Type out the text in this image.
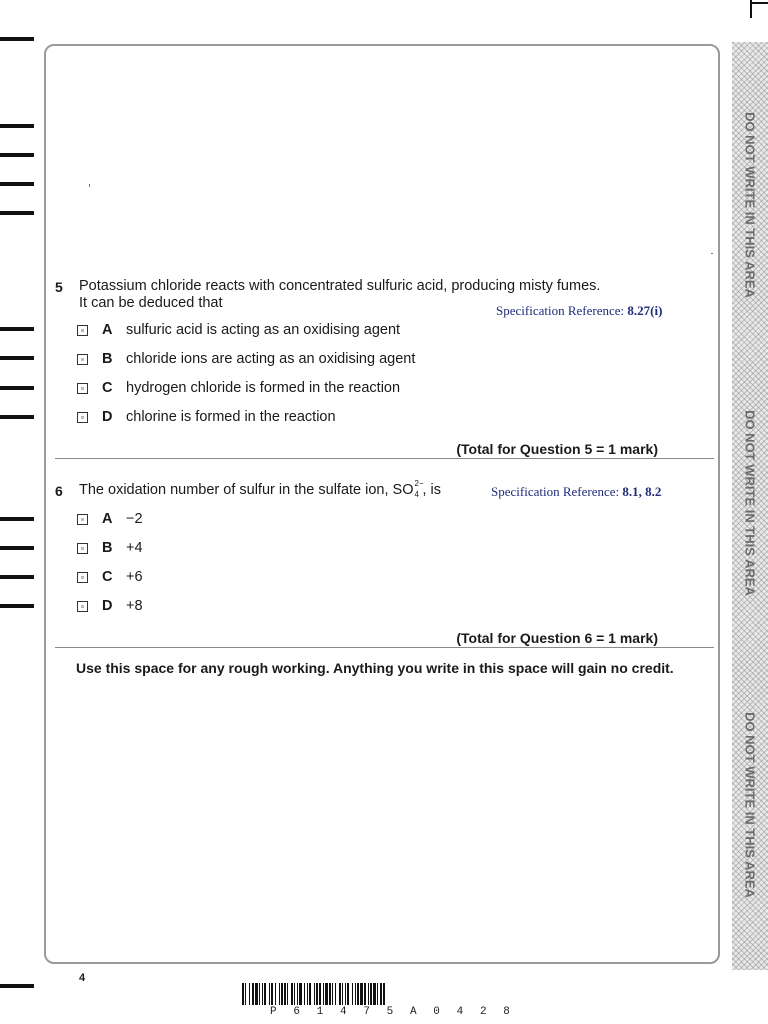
DO NOT WRITE IN THIS AREA
DO NOT WRITE IN THIS AREA
DO NOT WRITE IN THIS AREA
5 Potassium chloride reacts with concentrated sulfuric acid, producing misty fumes.
It can be deduced that	Specification Reference: 8.27(i)
A sulfuric acid is acting as an oxidising agent
B chloride ions are acting as an oxidising agent
C hydrogen chloride is formed in the reaction
D chlorine is formed in the reaction
(Total for Question 5 = 1 mark)
6 The oxidation number of sulfur in the sulfate ion, SO 2−
4 , is	Specification Reference: 8.1, 8.2
A −2
B +4
C +6
D +8
(Total for Question 6 = 1 mark)
Use this space for any rough working. Anything you write in this space will gain no credit.
4
P 6 1 4 7 5 A 0 4 2 8
